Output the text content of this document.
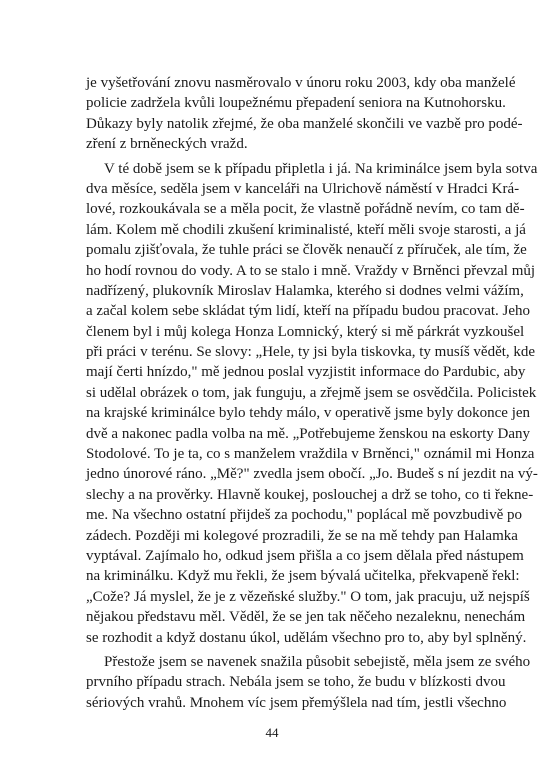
je vyšetřování znovu nasměrovalo v únoru roku 2003, kdy oba manželé
policie zadržela kvůli loupežnému přepadení seniora na Kutnohorsku.
Důkazy byly natolik zřejmé, že oba manželé skončili ve vazbě pro podé-
zření z brněneckých vražd.
V té době jsem se k případu připletla i já. Na kriminálce jsem byla sotva
dva měsíce, seděla jsem v kanceláři na Ulrichově náměstí v Hradci Krá-
lové, rozkoukávala se a měla pocit, že vlastně pořádně nevím, co tam dě-
lám. Kolem mě chodili zkušení kriminalisté, kteří měli svoje starosti, a já
pomalu zjišťovala, že tuhle práci se člověk nenaučí z příruček, ale tím, že
ho hodí rovnou do vody. A to se stalo i mně. Vraždy v Brněnci převzal můj
nadřízený, plukovník Miroslav Halamka, kterého si dodnes velmi vážím,
a začal kolem sebe skládat tým lidí, kteří na případu budou pracovat. Jeho
členem byl i můj kolega Honza Lomnický, který si mě párkrát vyzkoušel
při práci v terénu. Se slovy: „Hele, ty jsi byla tiskovka, ty musíš vědět, kde
mají čerti hnízdo," mě jednou poslal vyzjistit informace do Pardubic, aby
si udělal obrázek o tom, jak funguju, a zřejmě jsem se osvědčila. Policistek
na krajské kriminálce bylo tehdy málo, v operativě jsme byly dokonce jen
dvě a nakonec padla volba na mě. „Potřebujeme ženskou na eskorty Dany
Stodolové. To je ta, co s manželem vraždila v Brněnci," oznámil mi Honza
jedno únorové ráno. „Mě?" zvedla jsem obočí. „Jo. Budeš s ní jezdit na vý-
slechy a na prověrky. Hlavně koukej, poslouchej a drž se toho, co ti řekne-
me. Na všechno ostatní přijdeš za pochodu," poplácal mě povzbudivě po
zádech. Později mi kolegové prozradili, že se na mě tehdy pan Halamka
vyptával. Zajímalo ho, odkud jsem přišla a co jsem dělala před nástupem
na kriminálku. Když mu řekli, že jsem bývalá učitelka, překvapeně řekl:
„Cože? Já myslel, že je z vězeňské služby." O tom, jak pracuju, už nejspíš
nějakou představu měl. Věděl, že se jen tak něčeho nezaleknu, nenechám
se rozhodit a když dostanu úkol, udělám všechno pro to, aby byl splněný.
Přestože jsem se navenek snažila působit sebejistě, měla jsem ze svého
prvního případu strach. Nebála jsem se toho, že budu v blízkosti dvou
sériových vrahů. Mnohem víc jsem přemýšlela nad tím, jestli všechno
44
